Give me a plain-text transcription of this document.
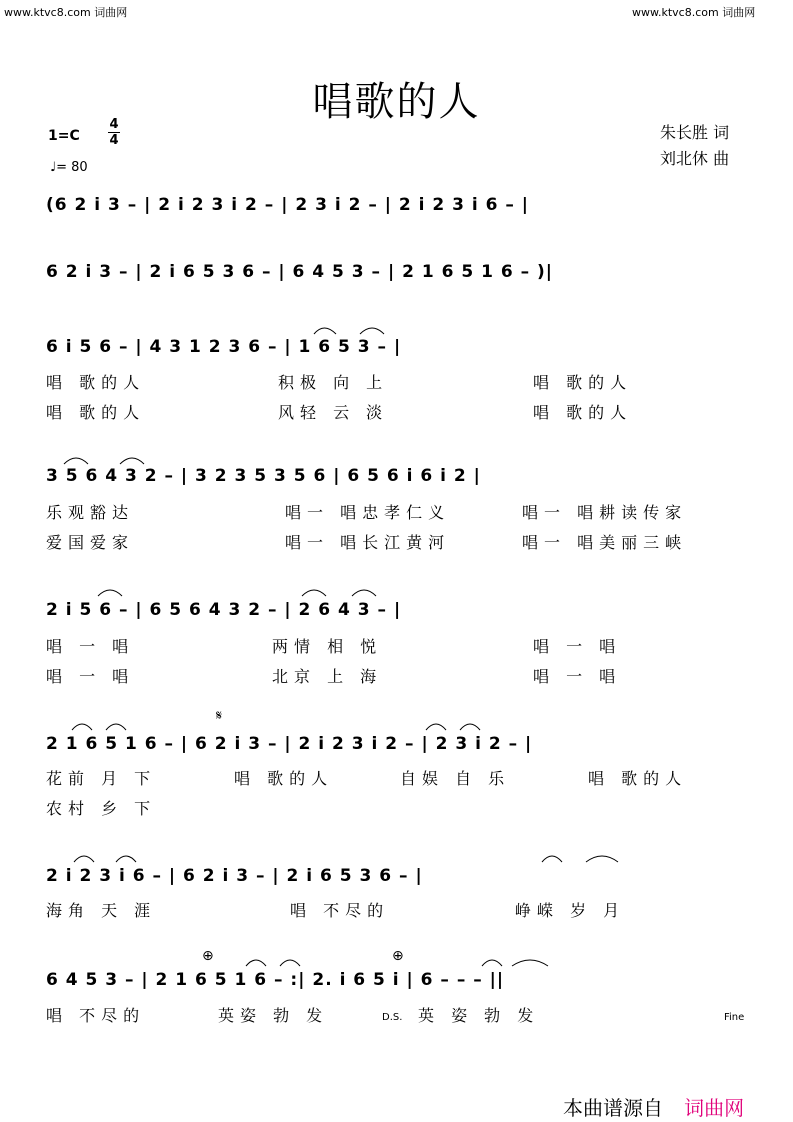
www.ktvc8.com 词曲网	www.ktvc8.com 词曲网
唱歌的人
朱长胜 词
刘北休 曲
1=C
4
4
♩= 80
(6 2 i 3 – | 2 i 2 3 i 2 – | 2 3 i 2 – | 2 i 2 3 i 6 – |
6 2 i 3 – | 2 i 6 5 3 6 – | 6 4 5 3 – | 2 1 6 5 1 6 – )|
6 i 5 6 – | 4 3 1 2 3 6 – | 1 6 5 3 – |
唱 歌的人	积极 向 上	唱 歌的人
唱 歌的人	风轻 云 淡	唱 歌的人
3 5 6 4 3 2 – | 3 2 3 5 3 5 6 | 6 5 6 i 6 i 2 |
乐观豁达	唱一 唱忠孝仁义	唱一 唱耕读传家
爱国爱家	唱一 唱长江黄河	唱一 唱美丽三峡
2 i 5 6 – | 6 5 6 4 3 2 – | 2 6 4 3 – |
唱 一 唱	两情 相 悦	唱 一 唱
唱 一 唱	北京 上 海	唱 一 唱
𝄋
2 1 6 5 1 6 – | 6 2 i 3 – | 2 i 2 3 i 2 – | 2 3 i 2 – |
花前 月 下	唱 歌的人	自娱 自 乐	唱 歌的人
农村 乡 下
2 i 2 3 i 6 – | 6 2 i 3 – | 2 i 6 5 3 6 – |
海角 天 涯	唱 不尽的	峥嵘 岁 月
⊕	⊕
6 4 5 3 – | 2 1 6 5 1 6 – :| 2. i 6 5 i | 6 – – – ||
唱 不尽的	英姿 勃 发	D.S. 英 姿 勃 发	Fine
本曲谱源自 词曲网
